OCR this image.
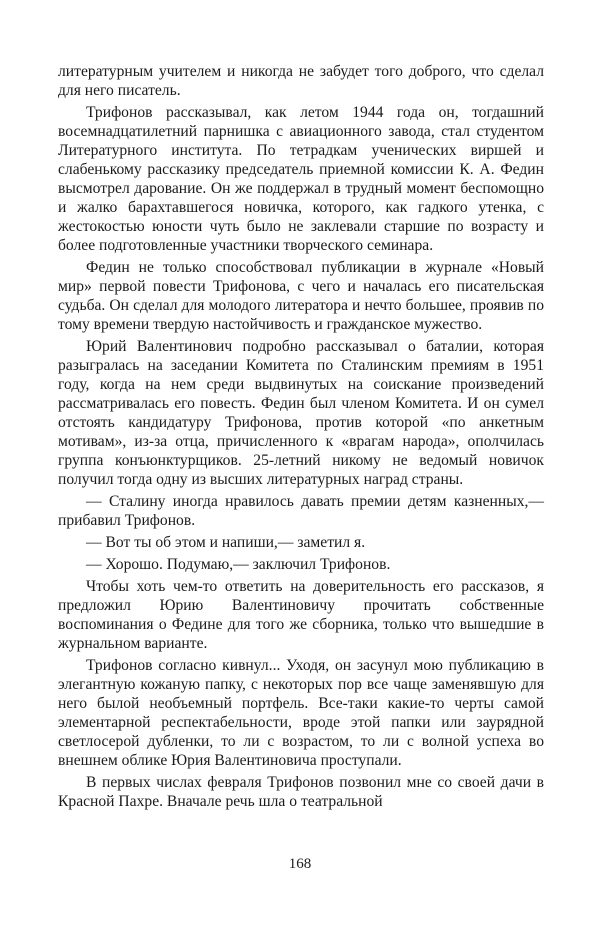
литературным учителем и никогда не забудет того доброго, что сделал для него писатель.

Трифонов рассказывал, как летом 1944 года он, тогдашний восемнадцатилетний парнишка с авиационного завода, стал студентом Литературного института. По тетрадкам ученических виршей и слабенькому рассказику председатель приемной комиссии К. А. Федин высмотрел дарование. Он же поддержал в трудный момент беспомощно и жалко барахтавшегося новичка, которого, как гадкого утенка, с жестокостью юности чуть было не заклевали старшие по возрасту и более подготовленные участники творческого семинара.

Федин не только способствовал публикации в журнале «Новый мир» первой повести Трифонова, с чего и началась его писательская судьба. Он сделал для молодого литератора и нечто большее, проявив по тому времени твердую настойчивость и гражданское мужество.

Юрий Валентинович подробно рассказывал о баталии, которая разыгралась на заседании Комитета по Сталинским премиям в 1951 году, когда на нем среди выдвинутых на соискание произведений рассматривалась его повесть. Федин был членом Комитета. И он сумел отстоять кандидатуру Трифонова, против которой «по анкетным мотивам», из-за отца, причисленного к «врагам народа», ополчилась группа конъюнктурщиков. 25-летний никому не ведомый новичок получил тогда одну из высших литературных наград страны.

— Сталину иногда нравилось давать премии детям казненных,— прибавил Трифонов.

— Вот ты об этом и напиши,— заметил я.

— Хорошо. Подумаю,— заключил Трифонов.

Чтобы хоть чем-то ответить на доверительность его рассказов, я предложил Юрию Валентиновичу прочитать собственные воспоминания о Федине для того же сборника, только что вышедшие в журнальном варианте.

Трифонов согласно кивнул... Уходя, он засунул мою публикацию в элегантную кожаную папку, с некоторых пор все чаще заменявшую для него былой необъемный портфель. Все-таки какие-то черты самой элементарной респектабельности, вроде этой папки или заурядной светлосерой дубленки, то ли с возрастом, то ли с волной успеха во внешнем облике Юрия Валентиновича проступали.

В первых числах февраля Трифонов позвонил мне со своей дачи в Красной Пахре. Вначале речь шла о театральной

168
